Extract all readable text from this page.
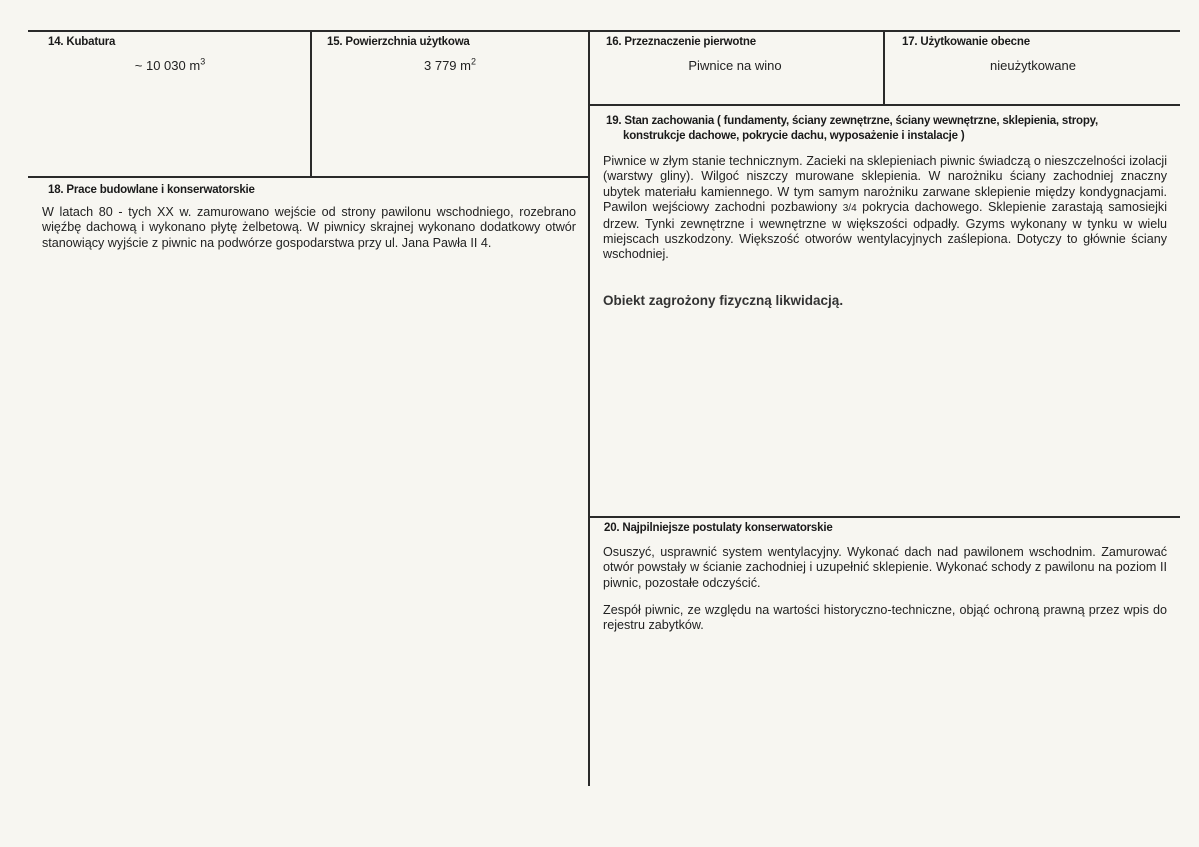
14. Kubatura
~ 10 030 $m^3$
15. Powierzchnia użytkowa
3 779 $m^2$
16. Przeznaczenie pierwotne
Piwnice na wino
17. Użytkowanie obecne
nieużytkowane
18. Prace budowlane i konserwatorskie

W latach 80 - tych XX w. zamurowano wejście od strony pawilonu wschodniego, rozebrano więźbę dachową i wykonano płytę żelbetową. W piwnicy skrajnej wykonano dodatkowy otwór stanowiący wyjście z piwnic na podwórze gospodarstwa przy ul. Jana Pawła II 4.

19. Stan zachowania ( fundamenty, ściany zewnętrzne, ściany wewnętrzne, sklepienia, stropy,
konstrukcje dachowe, pokrycie dachu, wyposażenie i instalacje )

Piwnice w złym stanie technicznym. Zacieki na sklepieniach piwnic świadczą o nieszczelności izolacji (warstwy gliny). Wilgoć niszczy murowane sklepienia. W narożniku ściany zachodniej znaczny ubytek materiału kamiennego. W tym samym narożniku zarwane sklepienie między kondygnacjami. Pawilon wejściowy zachodni pozbawiony 3/4 pokrycia dachowego. Sklepienie zarastają samosiejki drzew. Tynki zewnętrzne i wewnętrzne w większości odpadły. Gzyms wykonany w tynku w wielu miejscach uszkodzony. Większość otworów wentylacyjnych zaślepiona. Dotyczy to głównie ściany wschodniej.

Obiekt zagrożony fizyczną likwidacją.
20. Najpilniejsze postulaty konserwatorskie

Osuszyć, usprawnić system wentylacyjny. Wykonać dach nad pawilonem wschodnim. Zamurować otwór powstały w ścianie zachodniej i uzupełnić sklepienie. Wykonać schody z pawilonu na poziom II piwnic, pozostałe odczyścić.

Zespół piwnic, ze względu na wartości historyczno-techniczne, objąć ochroną prawną przez wpis do rejestru zabytków.
